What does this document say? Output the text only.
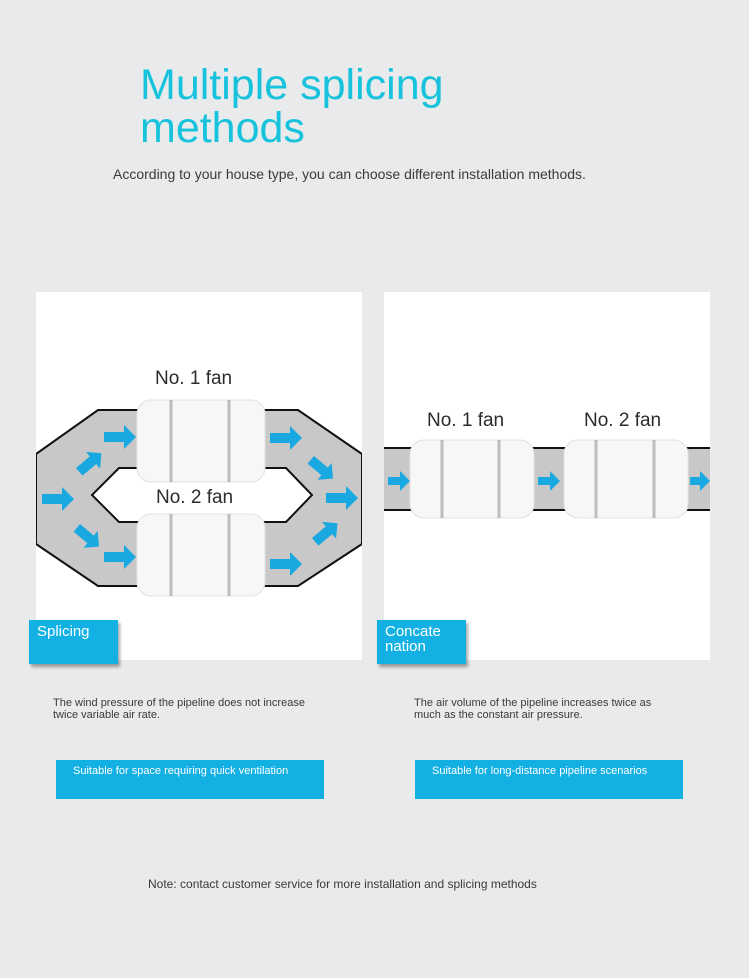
Multiple splicing methods
According to your house type, you can choose different installation methods.
No. 1 fan
No. 2 fan
Splicing
No. 1 fan	No. 2 fan
Concate nation
The wind pressure of the pipeline does not increase twice variable air rate.
The air volume of the pipeline increases twice as much as the constant air pressure.
Suitable for space requiring quick ventilation	Suitable for long-distance pipeline scenarios
Note: contact customer service for more installation and splicing methods
